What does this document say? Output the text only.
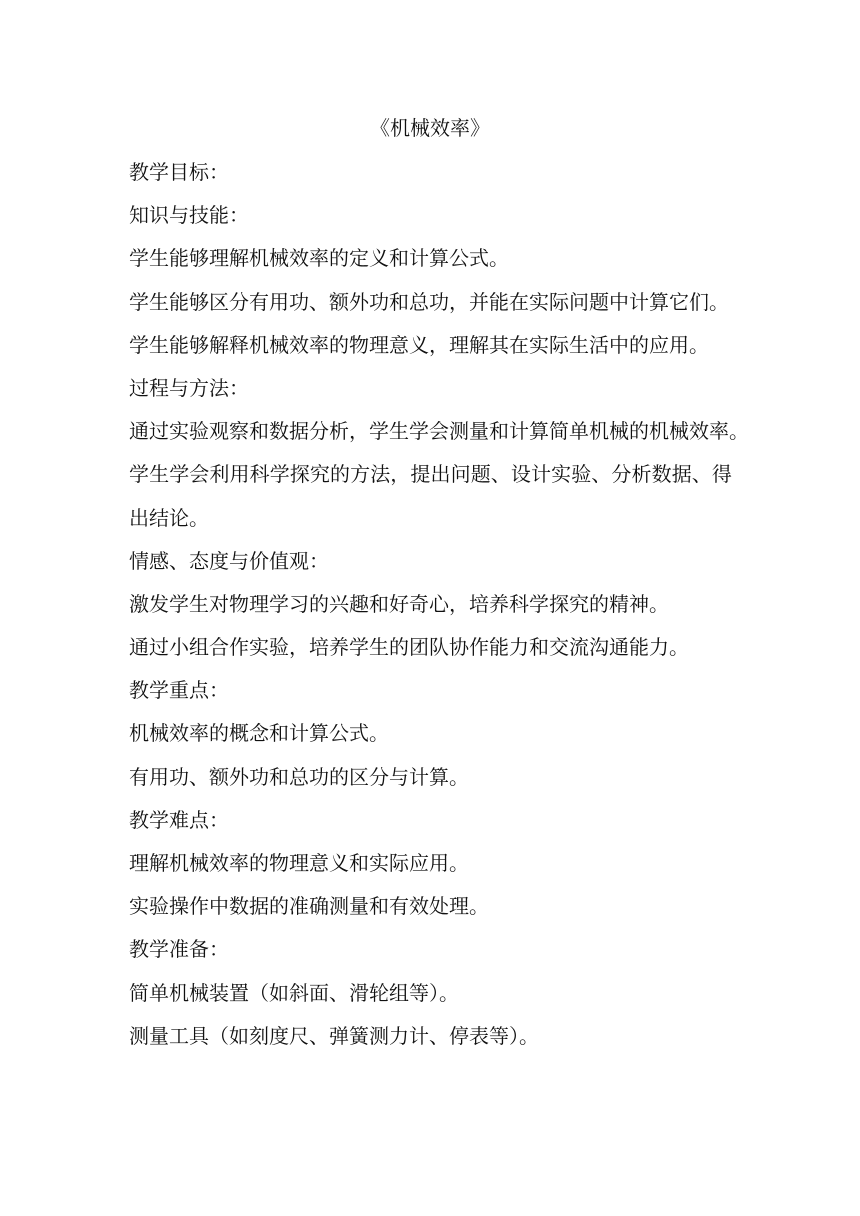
《机械效率》
教学目标：
知识与技能：
学生能够理解机械效率的定义和计算公式。
学生能够区分有用功、额外功和总功，并能在实际问题中计算它们。
学生能够解释机械效率的物理意义，理解其在实际生活中的应用。
过程与方法：
通过实验观察和数据分析，学生学会测量和计算简单机械的机械效率。
学生学会利用科学探究的方法，提出问题、设计实验、分析数据、得
出结论。
情感、态度与价值观：
激发学生对物理学习的兴趣和好奇心，培养科学探究的精神。
通过小组合作实验，培养学生的团队协作能力和交流沟通能力。
教学重点：
机械效率的概念和计算公式。
有用功、额外功和总功的区分与计算。
教学难点：
理解机械效率的物理意义和实际应用。
实验操作中数据的准确测量和有效处理。
教学准备：
简单机械装置（如斜面、滑轮组等）。
测量工具（如刻度尺、弹簧测力计、停表等）。
